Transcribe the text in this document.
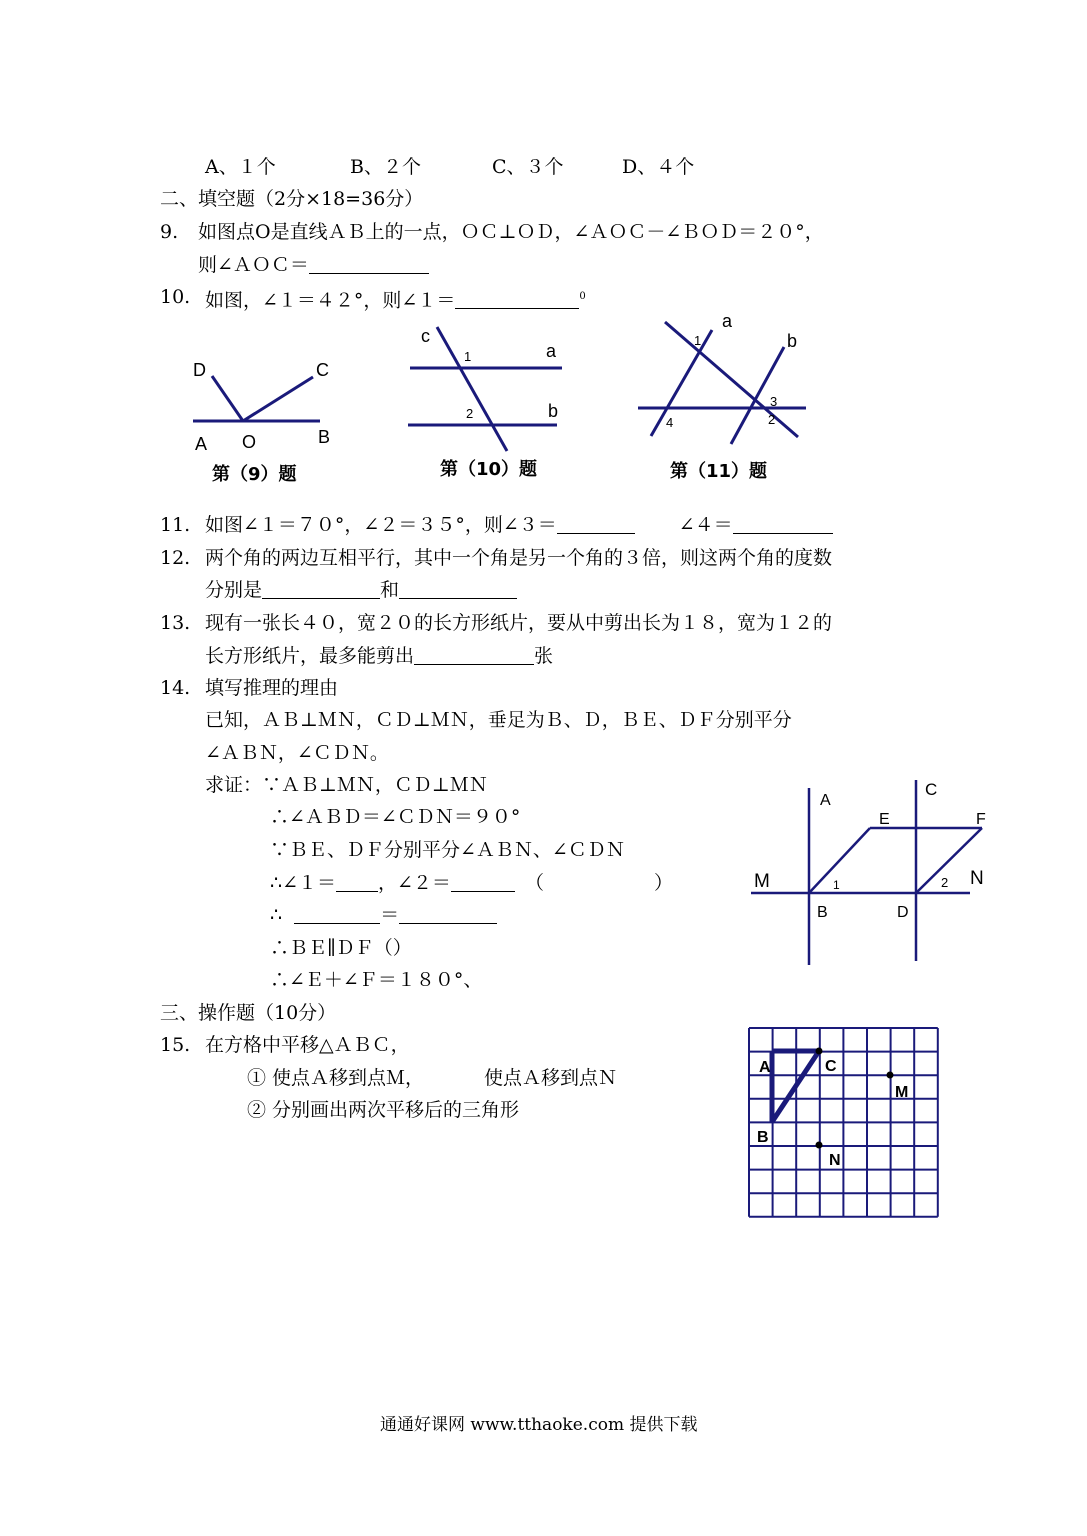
A、１个	B、２个	C、３个	D、４个
二、填空题（2分×18=36分）
9. 如图点O是直线ＡＢ上的一点，ＯＣ⊥ＯＤ，∠ＡＯＣ－∠ＢＯＤ＝２０°，
则∠ＡＯＣ＝
10. 如图，∠１＝４２°，则∠１＝	$^0$
D	C
A O	B
c
a
b
1
2
a
b
1
2
3
4
A
C
E	F
M	N
B	D
1	2
A	C
M
B
N
第（9）题	第（10）题	第（11）题
11. 如图∠１＝７０°，∠２＝３５°，则∠３＝	∠４＝
12. 两个角的两边互相平行，其中一个角是另一个角的３倍，则这两个角的度数
分别是	和
13. 现有一张长４０，宽２０的长方形纸片，要从中剪出长为１８，宽为１２的
长方形纸片，最多能剪出	张
14. 填写推理的理由
已知，ＡＢ⊥ＭＮ，ＣＤ⊥ＭＮ，垂足为Ｂ、Ｄ，ＢＥ、ＤＦ分别平分
∠ＡＢＮ，∠ＣＤＮ。
求证：∵ＡＢ⊥ＭＮ，ＣＤ⊥ＭＮ
∴∠ＡＢＤ＝∠ＣＤＮ＝９０°
∵ＢＥ、ＤＦ分别平分∠ＡＢＮ、∠ＣＤＮ
∴∠１＝ ，∠２＝	（	）
∴	＝
∴ＢＥ∥ＤＦ（）
∴∠Ｅ＋∠Ｆ＝１８０°、
三、操作题（10分）
15. 在方格中平移△ＡＢＣ，
① 使点Ａ移到点Ｍ，	使点Ａ移到点Ｎ
② 分别画出两次平移后的三角形
通通好课网 www.tthaoke.com 提供下载
